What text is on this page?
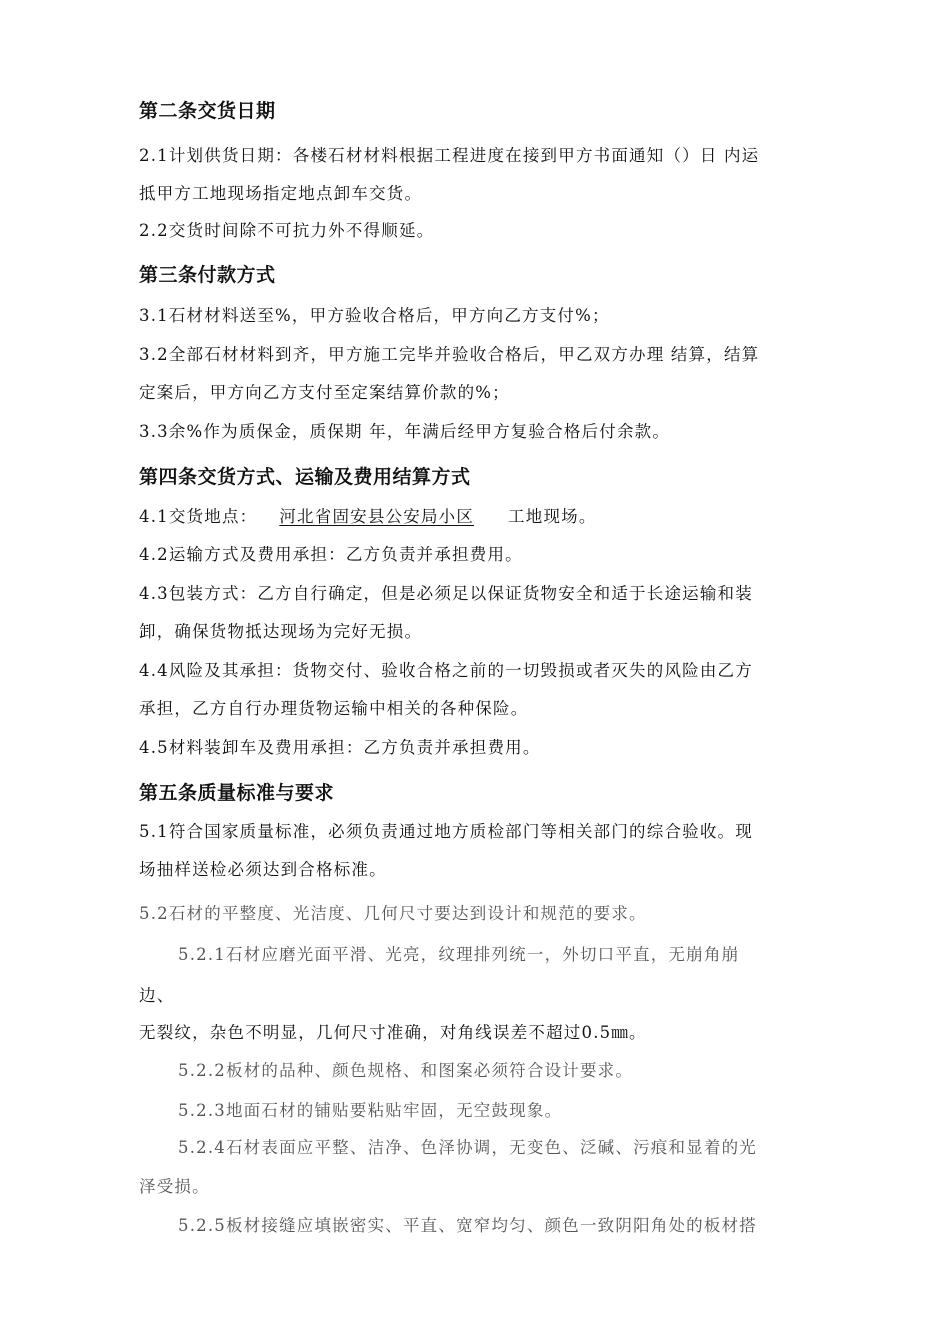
第二条交货日期
2.1计划供货日期：各楼石材材料根据工程进度在接到甲方书面通知（）日 内运
抵甲方工地现场指定地点卸车交货。
2.2交货时间除不可抗力外不得顺延。
第三条付款方式
3.1石材材料送至%，甲方验收合格后，甲方向乙方支付%；
3.2全部石材材料到齐，甲方施工完毕并验收合格后，甲乙双方办理 结算，结算
定案后，甲方向乙方支付至定案结算价款的%；
3.3余%作为质保金，质保期 年，年满后经甲方复验合格后付余款。
第四条交货方式、运输及费用结算方式
4.1交货地点： 河北省固安县公安局小区 工地现场。
4.2运输方式及费用承担：乙方负责并承担费用。
4.3包装方式：乙方自行确定，但是必须足以保证货物安全和适于长途运输和装
卸，确保货物抵达现场为完好无损。
4.4风险及其承担：货物交付、验收合格之前的一切毁损或者灭失的风险由乙方
承担，乙方自行办理货物运输中相关的各种保险。
4.5材料装卸车及费用承担：乙方负责并承担费用。
第五条质量标准与要求
5.1符合国家质量标准，必须负责通过地方质检部门等相关部门的综合验收。现
场抽样送检必须达到合格标准。
5.2石材的平整度、光洁度、几何尺寸要达到设计和规范的要求。
5.2.1石材应磨光面平滑、光亮，纹理排列统一，外切口平直，无崩角崩
边、
无裂纹，杂色不明显，几何尺寸准确，对角线误差不超过0.5㎜。
5.2.2板材的品种、颜色规格、和图案必须符合设计要求。
5.2.3地面石材的铺贴要粘贴牢固，无空鼓现象。
5.2.4石材表面应平整、洁净、色泽协调，无变色、泛碱、污痕和显着的光
泽受损。
5.2.5板材接缝应填嵌密实、平直、宽窄均匀、颜色一致阴阳角处的板材搭
